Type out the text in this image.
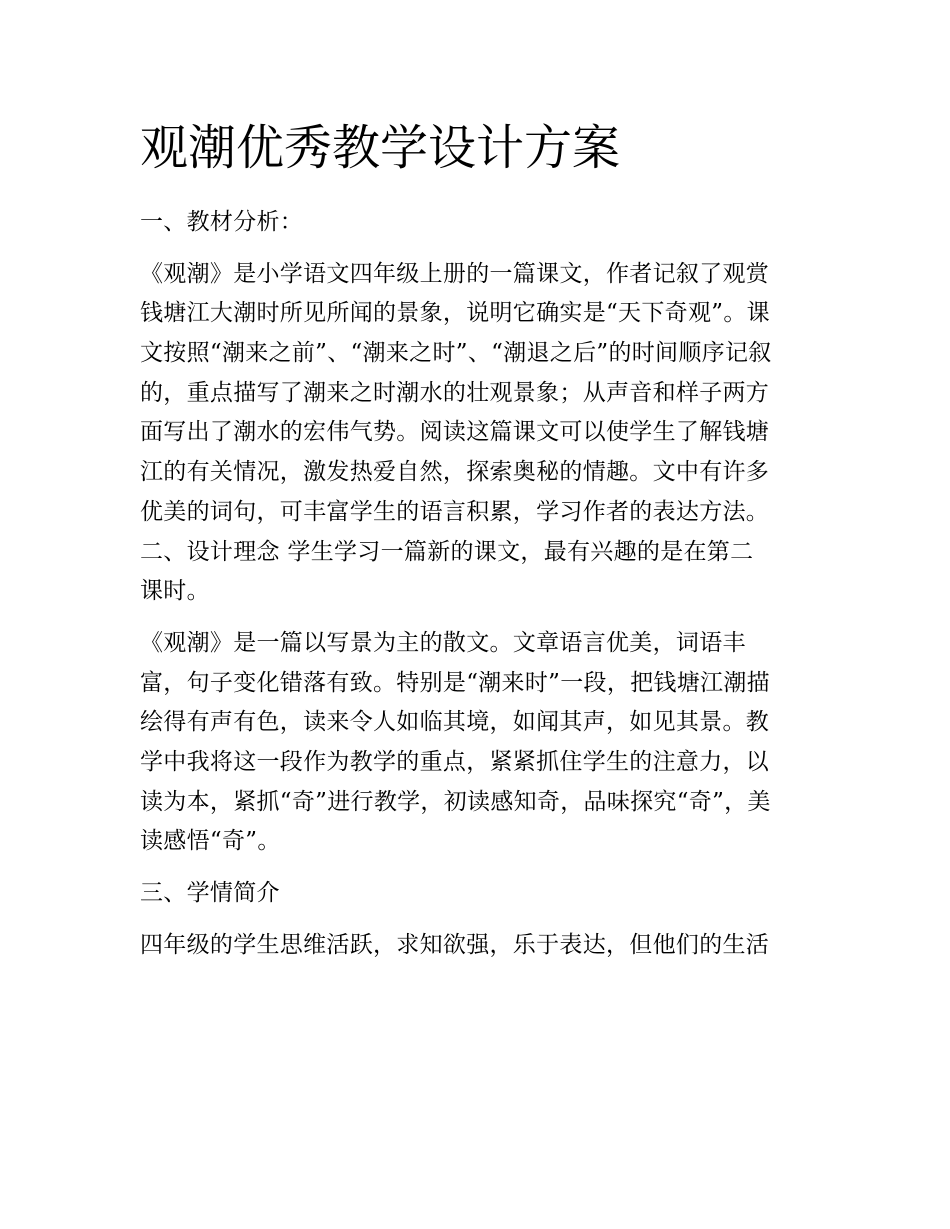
观潮优秀教学设计方案
一、教材分析：
《观潮》是小学语文四年级上册的一篇课文，作者记叙了观赏
钱塘江大潮时所见所闻的景象，说明它确实是“天下奇观”。课
文按照“潮来之前”、“潮来之时”、“潮退之后”的时间顺序记叙
的，重点描写了潮来之时潮水的壮观景象；从声音和样子两方
面写出了潮水的宏伟气势。阅读这篇课文可以使学生了解钱塘
江的有关情况，激发热爱自然，探索奥秘的情趣。文中有许多
优美的词句，可丰富学生的语言积累，学习作者的表达方法。
二、设计理念 学生学习一篇新的课文，最有兴趣的是在第二
课时。
《观潮》是一篇以写景为主的散文。文章语言优美，词语丰
富，句子变化错落有致。特别是“潮来时”一段，把钱塘江潮描
绘得有声有色，读来令人如临其境，如闻其声，如见其景。教
学中我将这一段作为教学的重点，紧紧抓住学生的注意力，以
读为本，紧抓“奇”进行教学，初读感知奇，品味探究“奇”，美
读感悟“奇”。
三、学情简介
四年级的学生思维活跃，求知欲强，乐于表达，但他们的生活
